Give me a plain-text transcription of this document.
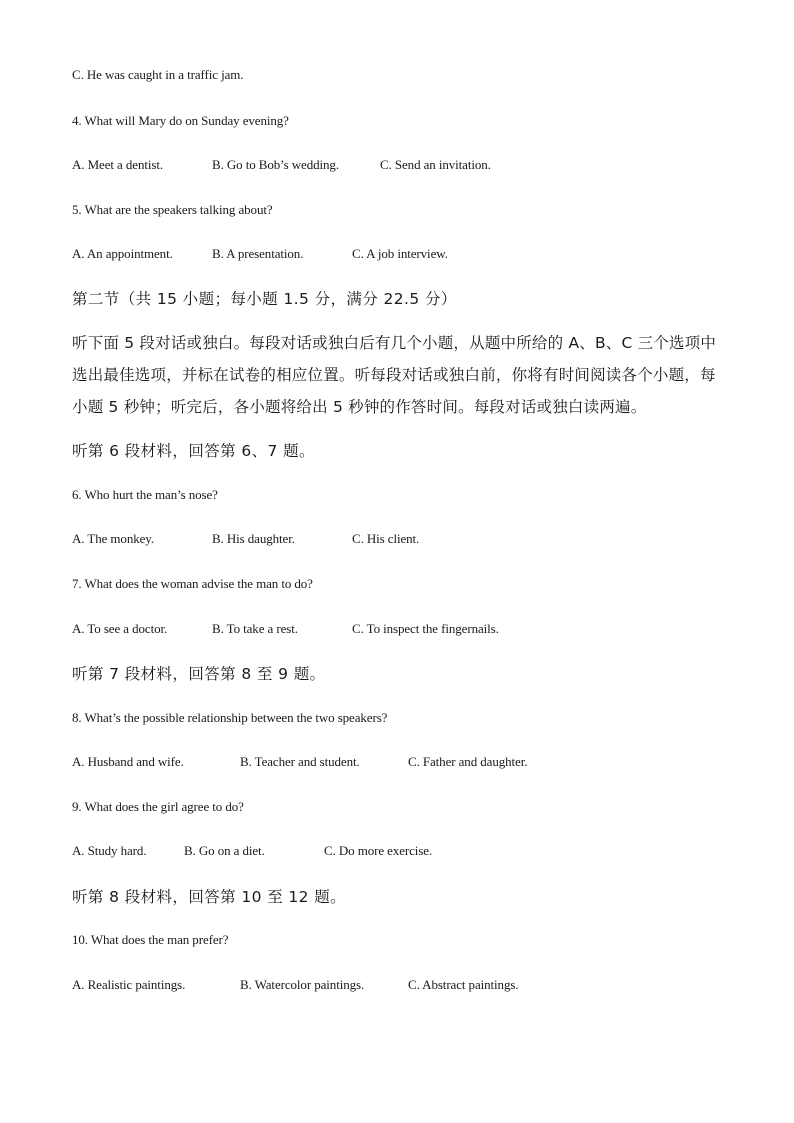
C. He was caught in a traffic jam.
4. What will Mary do on Sunday evening?
A. Meet a dentist.	B. Go to Bob’s wedding.	C. Send an invitation.
5. What are the speakers talking about?
A. An appointment.	B. A presentation.	C. A job interview.
第二节（共 15 小题；每小题 1.5 分，满分 22.5 分）
听下面 5 段对话或独白。每段对话或独白后有几个小题，从题中所给的 A、B、C 三个选项中选出最佳选项，并标在试卷的相应位置。听每段对话或独白前，你将有时间阅读各个小题，每小题 5 秒钟；听完后，各小题将给出 5 秒钟的作答时间。每段对话或独白读两遍。
听第 6 段材料，回答第 6、7 题。
6. Who hurt the man’s nose?
A. The monkey.	B. His daughter.	C. His client.
7. What does the woman advise the man to do?
A. To see a doctor.	B. To take a rest.	C. To inspect the fingernails.
听第 7 段材料，回答第 8 至 9 题。
8. What’s the possible relationship between the two speakers?
A. Husband and wife.	B. Teacher and student.	C. Father and daughter.
9. What does the girl agree to do?
A. Study hard.	B. Go on a diet.	C. Do more exercise.
听第 8 段材料，回答第 10 至 12 题。
10. What does the man prefer?
A. Realistic paintings.	B. Watercolor paintings.	C. Abstract paintings.
